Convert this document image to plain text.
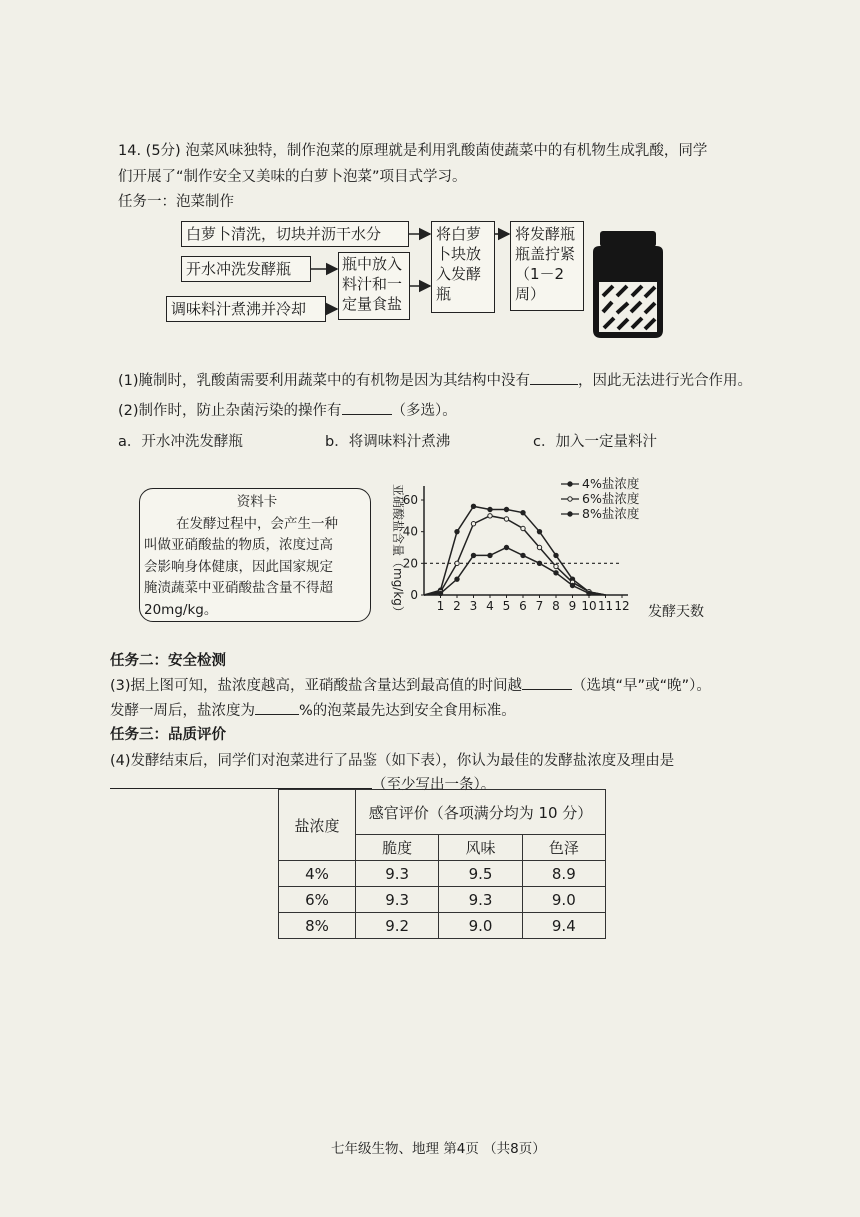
14. (5分) 泡菜风味独特，制作泡菜的原理就是利用乳酸菌使蔬菜中的有机物生成乳酸，同学
们开展了“制作安全又美味的白萝卜泡菜”项目式学习。
任务一：泡菜制作
白萝卜清洗，切块并沥干水分
开水冲洗发酵瓶
调味料汁煮沸并冷却
瓶中放入
料汁和一
定量食盐
将白萝
卜块放
入发酵
瓶
将发酵瓶
瓶盖拧紧
（1－2
周）
(1)腌制时，乳酸菌需要利用蔬菜中的有机物是因为其结构中没有	，因此无法进行光合作用。
(2)制作时，防止杂菌污染的操作有	（多选）。
a．开水冲洗发酵瓶	b．将调味料汁煮沸	c．加入一定量料汁
资料卡
在发酵过程中，会产生一种
叫做亚硝酸盐的物质，浓度过高
会影响身体健康，因此国家规定
腌渍蔬菜中亚硝酸盐含量不得超
20mg/kg。	亚硝酸盐含量（mg/kg） 0
20
40
60
1 2 3 4 5 6 7 8 9 10 11 12
4%盐浓度
6%盐浓度
8%盐浓度
发酵天数
任务二：安全检测
(3)据上图可知，盐浓度越高，亚硝酸盐含量达到最高值的时间越	（选填“早”或“晚”）。
发酵一周后，盐浓度为	%的泡菜最先达到安全食用标准。
任务三：品质评价
(4)发酵结束后，同学们对泡菜进行了品鉴（如下表），你认为最佳的发酵盐浓度及理由是
（至少写出一条）。
盐浓度	感官评价（各项满分均为 10 分）		
	脆度	风味	色泽
4%	9.3	9.5	8.9
6%	9.3	9.3	9.0
8%	9.2	9.0	9.4
七年级生物、地理 第4页 （共8页）
